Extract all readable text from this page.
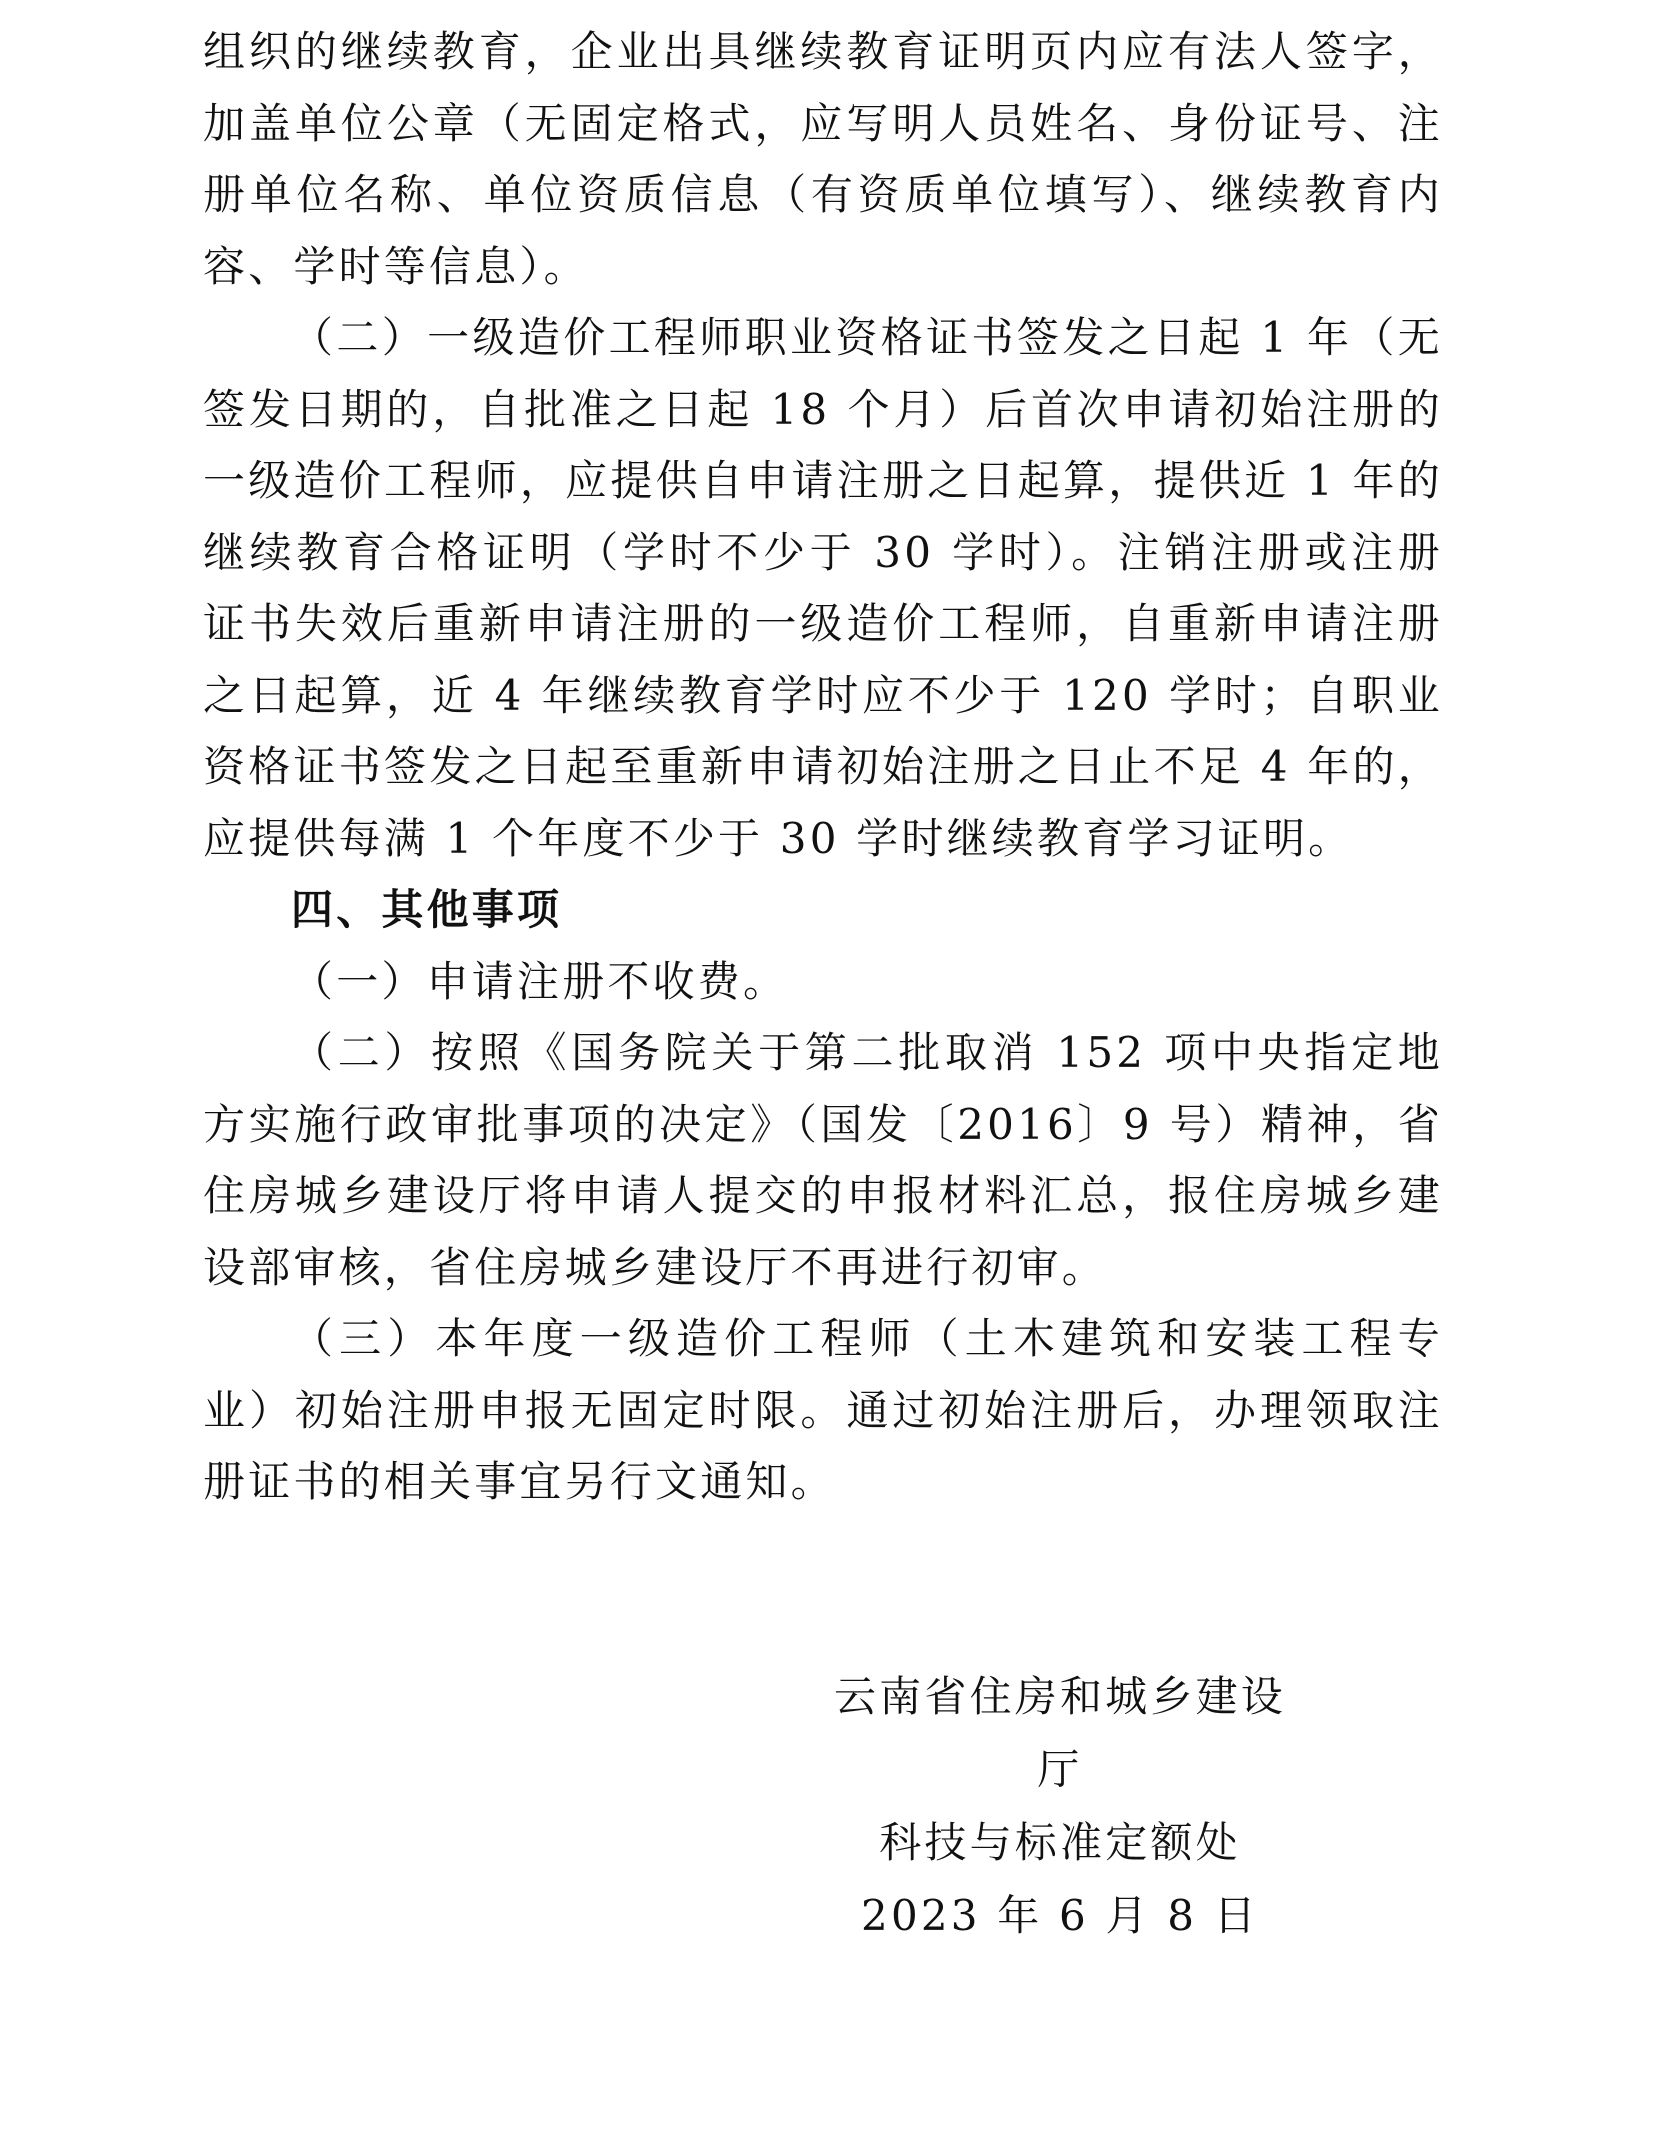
组织的继续教育，企业出具继续教育证明页内应有法人签字，加盖单位公章（无固定格式，应写明人员姓名、身份证号、注册单位名称、单位资质信息（有资质单位填写）、继续教育内容、学时等信息）。

（二）一级造价工程师职业资格证书签发之日起 1 年（无签发日期的，自批准之日起 18 个月）后首次申请初始注册的一级造价工程师，应提供自申请注册之日起算，提供近 1 年的继续教育合格证明（学时不少于 30 学时）。注销注册或注册证书失效后重新申请注册的一级造价工程师，自重新申请注册之日起算，近 4 年继续教育学时应不少于 120 学时；自职业资格证书签发之日起至重新申请初始注册之日止不足 4 年的，应提供每满 1 个年度不少于 30 学时继续教育学习证明。

四、其他事项

（一）申请注册不收费。

（二）按照《国务院关于第二批取消 152 项中央指定地方实施行政审批事项的决定》（国发〔2016〕9 号）精神，省住房城乡建设厅将申请人提交的申报材料汇总，报住房城乡建设部审核，省住房城乡建设厅不再进行初审。

（三）本年度一级造价工程师（土木建筑和安装工程专业）初始注册申报无固定时限。通过初始注册后，办理领取注册证书的相关事宜另行文通知。

云南省住房和城乡建设厅

科技与标准定额处

2023 年 6 月 8 日
